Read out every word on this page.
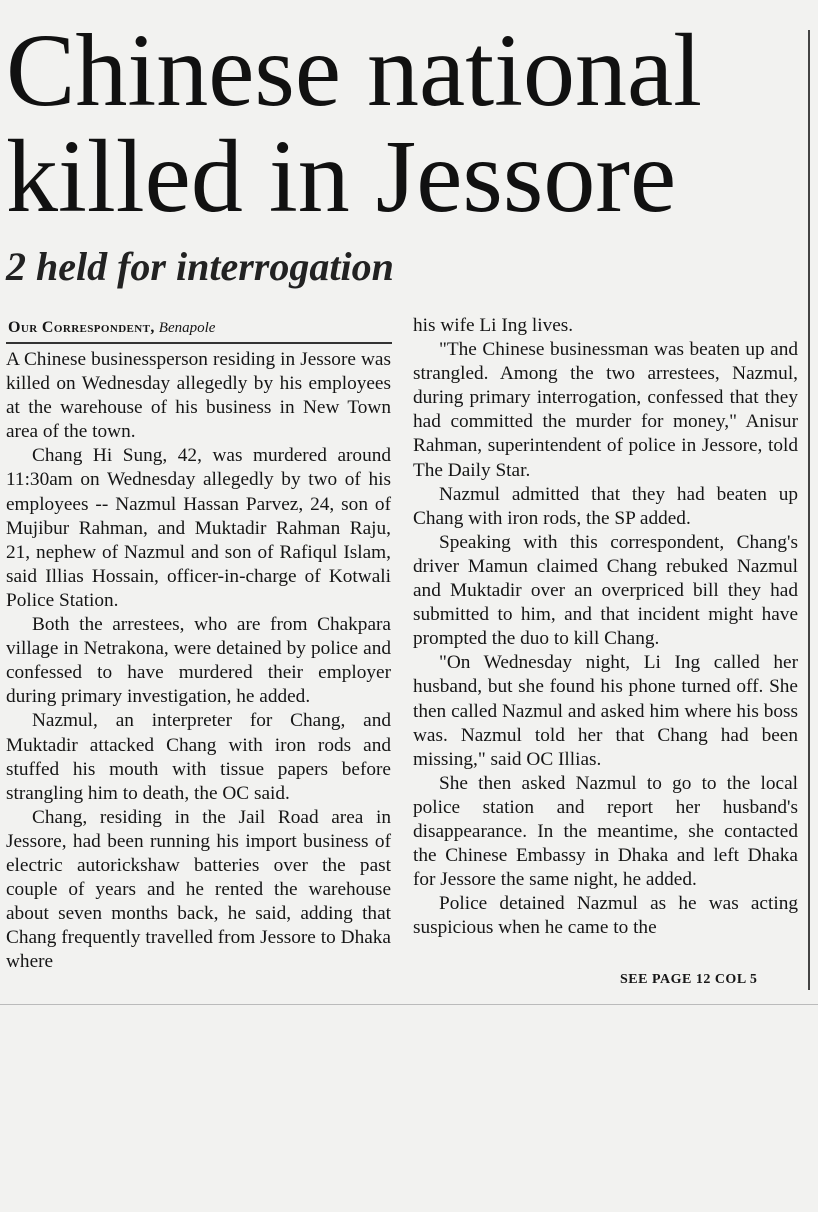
Chinese national
killed in Jessore
2 held for interrogation
Our Correspondent, Benapole

A Chinese businessperson residing in Jessore was killed on Wednesday allegedly by his employees at the warehouse of his business in New Town area of the town.

Chang Hi Sung, 42, was murdered around 11:30am on Wednesday allegedly by two of his employees -- Nazmul Hassan Parvez, 24, son of Mujibur Rahman, and Muktadir Rahman Raju, 21, nephew of Nazmul and son of Rafiqul Islam, said Illias Hossain, officer-in-charge of Kotwali Police Station.

Both the arrestees, who are from Chakpara village in Netrakona, were detained by police and confessed to have murdered their employer during primary investigation, he added.

Nazmul, an interpreter for Chang, and Muktadir attacked Chang with iron rods and stuffed his mouth with tissue papers before strangling him to death, the OC said.

Chang, residing in the Jail Road area in Jessore, had been running his import business of electric autorickshaw batteries over the past couple of years and he rented the warehouse about seven months back, he said, adding that Chang frequently travelled from Jessore to Dhaka where

his wife Li Ing lives.

"The Chinese businessman was beaten up and strangled. Among the two arrestees, Nazmul, during primary interrogation, confessed that they had committed the murder for money," Anisur Rahman, superintendent of police in Jessore, told The Daily Star.

Nazmul admitted that they had beaten up Chang with iron rods, the SP added.

Speaking with this correspondent, Chang's driver Mamun claimed Chang rebuked Nazmul and Muktadir over an overpriced bill they had submitted to him, and that incident might have prompted the duo to kill Chang.

"On Wednesday night, Li Ing called her husband, but she found his phone turned off. She then called Nazmul and asked him where his boss was. Nazmul told her that Chang had been missing," said OC Illias.

She then asked Nazmul to go to the local police station and report her husband's disappearance. In the meantime, she contacted the Chinese Embassy in Dhaka and left Dhaka for Jessore the same night, he added.

Police detained Nazmul as he was acting suspicious when he came to the

SEE PAGE 12 COL 5
